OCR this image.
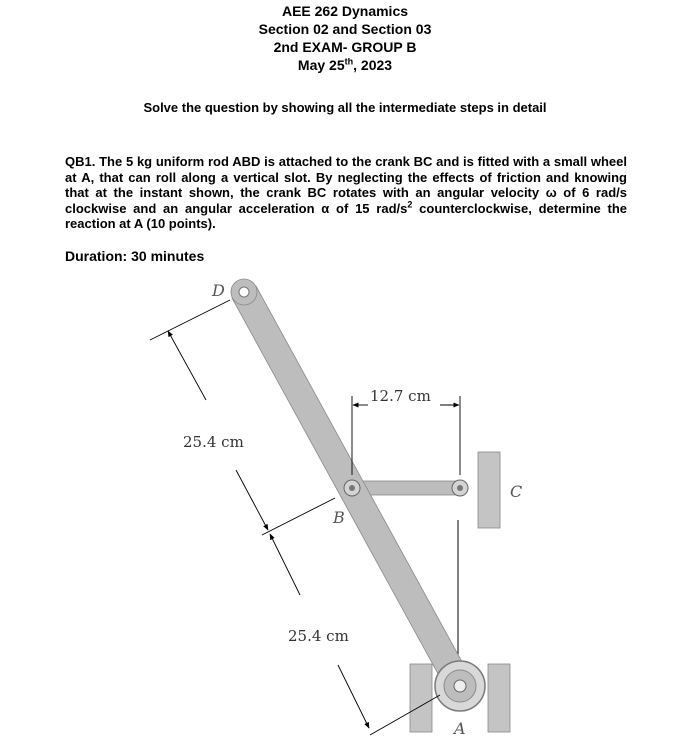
AEE 262 Dynamics
Section 02 and Section 03
2nd EXAM- GROUP B
May 25th, 2023
Solve the question by showing all the intermediate steps in detail
QB1. The 5 kg uniform rod ABD is attached to the crank BC and is fitted with a small wheel at A, that can roll along a vertical slot. By neglecting the effects of friction and knowing that at the instant shown, the crank BC rotates with an angular velocity ω of 6 rad/s clockwise and an angular acceleration α of 15 rad/$s^2$ counterclockwise, determine the reaction at A (10 points).
Duration: 30 minutes
D
B
C
A
25.4 cm
25.4 cm
12.7 cm
